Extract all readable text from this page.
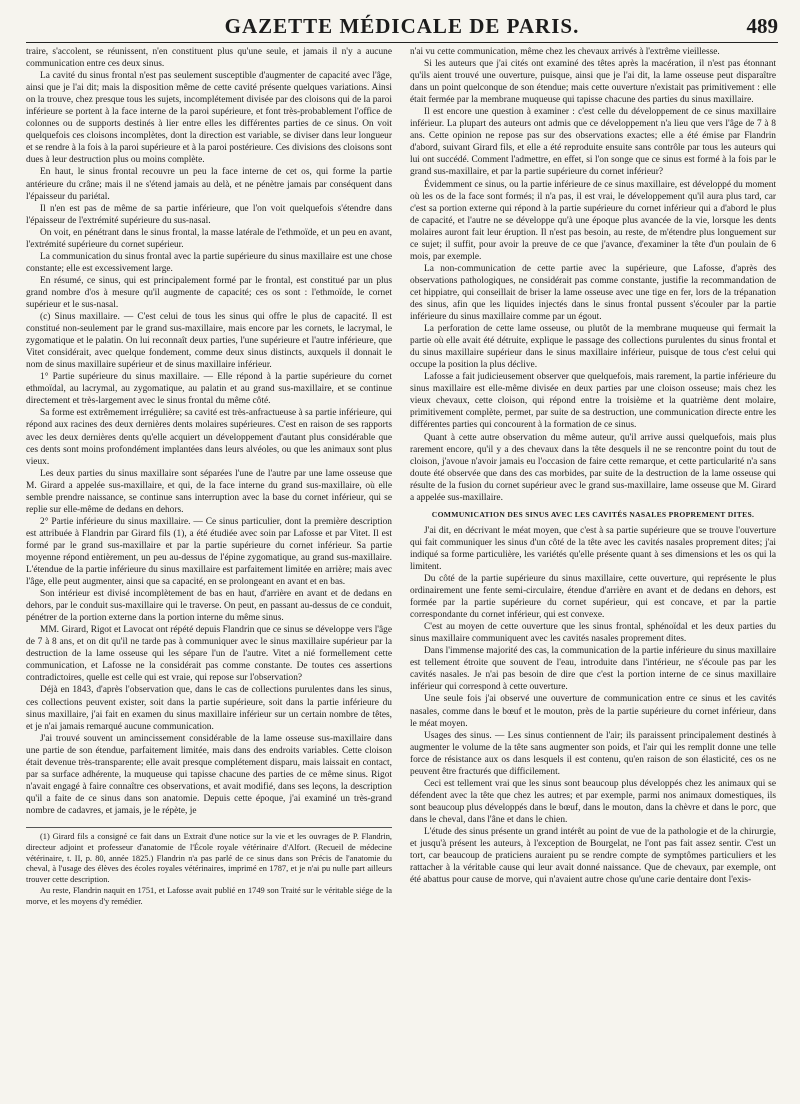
GAZETTE MÉDICALE DE PARIS.	489

traire, s'accolent, se réunissent, n'en constituent plus qu'une seule, et jamais il n'y a aucune communication entre ces deux sinus.

La cavité du sinus frontal n'est pas seulement susceptible d'augmenter de capacité avec l'âge, ainsi que je l'ai dit; mais la disposition même de cette cavité présente quelques variations. Ainsi on la trouve, chez presque tous les sujets, incomplétement divisée par des cloisons qui de la paroi inférieure se portent à la face interne de la paroi supérieure, et font très-probablement l'office de colonnes ou de supports destinés à lier entre elles les différentes parties de ce sinus. On voit quelquefois ces cloisons incomplètes, dont la direction est variable, se diviser dans leur longueur et se rendre à la fois à la paroi supérieure et à la paroi postérieure. Ces divisions des cloisons sont dues à leur destruction plus ou moins complète.

En haut, le sinus frontal recouvre un peu la face interne de cet os, qui forme la partie antérieure du crâne; mais il ne s'étend jamais au delà, et ne pénètre jamais par conséquent dans l'épaisseur du pariétal.

Il n'en est pas de même de sa partie inférieure, que l'on voit quelquefois s'étendre dans l'épaisseur de l'extrémité supérieure du sus-nasal.

On voit, en pénétrant dans le sinus frontal, la masse latérale de l'ethmoïde, et un peu en avant, l'extrémité supérieure du cornet supérieur.

La communication du sinus frontal avec la partie supérieure du sinus maxillaire est une chose constante; elle est excessivement large.

En résumé, ce sinus, qui est principalement formé par le frontal, est constitué par un plus grand nombre d'os à mesure qu'il augmente de capacité; ces os sont : l'ethmoïde, le cornet supérieur et le sus-nasal.

(c) Sinus maxillaire. — C'est celui de tous les sinus qui offre le plus de capacité. Il est constitué non-seulement par le grand sus-maxillaire, mais encore par les cornets, le lacrymal, le zygomatique et le palatin. On lui reconnaît deux parties, l'une supérieure et l'autre inférieure, que Vitet considérait, avec quelque fondement, comme deux sinus distincts, auxquels il donnait le nom de sinus maxillaire supérieur et de sinus maxillaire inférieur.

1° Partie supérieure du sinus maxillaire. — Elle répond à la partie supérieure du cornet ethmoïdal, au lacrymal, au zygomatique, au palatin et au grand sus-maxillaire, et se continue directement et très-largement avec le sinus frontal du même côté.

Sa forme est extrêmement irrégulière; sa cavité est très-anfractueuse à sa partie inférieure, qui répond aux racines des deux dernières dents molaires supérieures. C'est en raison de ses rapports avec les deux dernières dents qu'elle acquiert un développement d'autant plus considérable que ces dents sont moins profondément implantées dans leurs alvéoles, ou que les animaux sont plus vieux.

Les deux parties du sinus maxillaire sont séparées l'une de l'autre par une lame osseuse que M. Girard a appelée sus-maxillaire, et qui, de la face interne du grand sus-maxillaire, où elle semble prendre naissance, se continue sans interruption avec la base du cornet inférieur, qui se replie sur elle-même de dedans en dehors.

2° Partie inférieure du sinus maxillaire. — Ce sinus particulier, dont la première description est attribuée à Flandrin par Girard fils (1), a été étudiée avec soin par Lafosse et par Vitet. Il est formé par le grand sus-maxillaire et par la partie supérieure du cornet inférieur. Sa partie moyenne répond entièrement, un peu au-dessus de l'épine zygomatique, au grand sus-maxillaire. L'étendue de la partie inférieure du sinus maxillaire est parfaitement limitée en arrière; mais avec l'âge, elle peut augmenter, ainsi que sa capacité, en se prolongeant en avant et en bas.

Son intérieur est divisé incomplètement de bas en haut, d'arrière en avant et de dedans en dehors, par le conduit sus-maxillaire qui le traverse. On peut, en passant au-dessus de ce conduit, pénétrer de la portion externe dans la portion interne du même sinus.

MM. Girard, Rigot et Lavocat ont répété depuis Flandrin que ce sinus se développe vers l'âge de 7 à 8 ans, et on dit qu'il ne tarde pas à communiquer avec le sinus maxillaire supérieur par la destruction de la lame osseuse qui les sépare l'un de l'autre. Vitet a nié formellement cette communication, et Lafosse ne la considérait pas comme constante. De toutes ces assertions contradictoires, quelle est celle qui est vraie, qui repose sur l'observation?

Déjà en 1843, d'après l'observation que, dans le cas de collections purulentes dans les sinus, ces collections peuvent exister, soit dans la partie supérieure, soit dans la partie inférieure du sinus maxillaire, j'ai fait en examen du sinus maxillaire inférieur sur un certain nombre de têtes, et je n'ai jamais remarqué aucune communication.

J'ai trouvé souvent un amincissement considérable de la lame osseuse sus-maxillaire dans une partie de son étendue, parfaitement limitée, mais dans des endroits variables. Cette cloison était devenue très-transparente; elle avait presque complétement disparu, mais laissait en contact, par sa surface adhérente, la muqueuse qui tapisse chacune des parties de ce même sinus. Rigot n'avait engagé à faire connaître ces observations, et avait modifié, dans ses leçons, la description qu'il a faite de ce sinus dans son anatomie. Depuis cette époque, j'ai examiné un très-grand nombre de cadavres, et jamais, je le répète, je

(1) Girard fils a consigné ce fait dans un Extrait d'une notice sur la vie et les ouvrages de P. Flandrin, directeur adjoint et professeur d'anatomie de l'École royale vétérinaire d'Alfort. (Recueil de médecine vétérinaire, t. II, p. 80, année 1825.) Flandrin n'a pas parlé de ce sinus dans son Précis de l'anatomie du cheval, à l'usage des élèves des écoles royales vétérinaires, imprimé en 1787, et je n'ai pu nulle part ailleurs trouver cette description.

Au reste, Flandrin naquit en 1751, et Lafosse avait publié en 1749 son Traité sur le véritable siége de la morve, et les moyens d'y remédier.

n'ai vu cette communication, même chez les chevaux arrivés à l'extrême vieillesse.

Si les auteurs que j'ai cités ont examiné des têtes après la macération, il n'est pas étonnant qu'ils aient trouvé une ouverture, puisque, ainsi que je l'ai dit, la lame osseuse peut disparaître dans un point quelconque de son étendue; mais cette ouverture n'existait pas primitivement : elle était fermée par la membrane muqueuse qui tapisse chacune des parties du sinus maxillaire.

Il est encore une question à examiner : c'est celle du développement de ce sinus maxillaire inférieur. La plupart des auteurs ont admis que ce développement n'a lieu que vers l'âge de 7 à 8 ans. Cette opinion ne repose pas sur des observations exactes; elle a été émise par Flandrin d'abord, suivant Girard fils, et elle a été reproduite ensuite sans contrôle par tous les auteurs qui lui ont succédé. Comment l'admettre, en effet, si l'on songe que ce sinus est formé à la fois par le grand sus-maxillaire, et par la partie supérieure du cornet inférieur?

Évidemment ce sinus, ou la partie inférieure de ce sinus maxillaire, est développé du moment où les os de la face sont formés; il n'a pas, il est vrai, le développement qu'il aura plus tard, car c'est sa portion externe qui répond à la partie supérieure du cornet inférieur qui a d'abord le plus de capacité, et l'autre ne se développe qu'à une époque plus avancée de la vie, lorsque les dents molaires auront fait leur éruption. Il n'est pas besoin, au reste, de m'étendre plus longuement sur ce sujet; il suffit, pour avoir la preuve de ce que j'avance, d'examiner la tête d'un poulain de 6 mois, par exemple.

La non-communication de cette partie avec la supérieure, que Lafosse, d'après des observations pathologiques, ne considérait pas comme constante, justifie la recommandation de cet hippiatre, qui conseillait de briser la lame osseuse avec une tige en fer, lors de la trépanation des sinus, afin que les liquides injectés dans le sinus frontal pussent s'écouler par la partie inférieure du sinus maxillaire comme par un égout.

La perforation de cette lame osseuse, ou plutôt de la membrane muqueuse qui fermait la partie où elle avait été détruite, explique le passage des collections purulentes du sinus frontal et du sinus maxillaire supérieur dans le sinus maxillaire inférieur, puisque de tous c'est celui qui occupe la position la plus déclive.

Lafosse a fait judicieusement observer que quelquefois, mais rarement, la partie inférieure du sinus maxillaire est elle-même divisée en deux parties par une cloison osseuse; mais chez les vieux chevaux, cette cloison, qui répond entre la troisième et la quatrième dent molaire, primitivement complète, permet, par suite de sa destruction, une communication directe entre les différentes parties qui concourent à la formation de ce sinus.

Quant à cette autre observation du même auteur, qu'il arrive aussi quelquefois, mais plus rarement encore, qu'il y a des chevaux dans la tête desquels il ne se rencontre point du tout de cloison, j'avoue n'avoir jamais eu l'occasion de faire cette remarque, et cette particularité n'a sans doute été observée que dans des cas morbides, par suite de la destruction de la lame osseuse qui résulte de la fusion du cornet supérieur avec le grand sus-maxillaire, lame osseuse que M. Girard a appelée sus-maxillaire.

COMMUNICATION DES SINUS AVEC LES CAVITÉS NASALES PROPREMENT DITES.

J'ai dit, en décrivant le méat moyen, que c'est à sa partie supérieure que se trouve l'ouverture qui fait communiquer les sinus d'un côté de la tête avec les cavités nasales proprement dites; j'ai indiqué sa forme particulière, les variétés qu'elle présente quant à ses dimensions et les os qui la limitent.

Du côté de la partie supérieure du sinus maxillaire, cette ouverture, qui représente le plus ordinairement une fente semi-circulaire, étendue d'arrière en avant et de dedans en dehors, est formée par la partie supérieure du cornet supérieur, qui est concave, et par la partie correspondante du cornet inférieur, qui est convexe.

C'est au moyen de cette ouverture que les sinus frontal, sphénoïdal et les deux parties du sinus maxillaire communiquent avec les cavités nasales proprement dites.

Dans l'immense majorité des cas, la communication de la partie inférieure du sinus maxillaire est tellement étroite que souvent de l'eau, introduite dans l'intérieur, ne s'écoule pas par les cavités nasales. Je n'ai pas besoin de dire que c'est la portion interne de ce sinus maxillaire inférieur qui correspond à cette ouverture.

Une seule fois j'ai observé une ouverture de communication entre ce sinus et les cavités nasales, comme dans le bœuf et le mouton, près de la partie supérieure du cornet inférieur, dans le méat moyen.

Usages des sinus. — Les sinus contiennent de l'air; ils paraissent principalement destinés à augmenter le volume de la tête sans augmenter son poids, et l'air qui les remplit donne une telle force de résistance aux os dans lesquels il est contenu, qu'en raison de son élasticité, ces os ne peuvent être fracturés que difficilement.

Ceci est tellement vrai que les sinus sont beaucoup plus développés chez les animaux qui se défendent avec la tête que chez les autres; et par exemple, parmi nos animaux domestiques, ils sont beaucoup plus développés dans le bœuf, dans le mouton, dans la chèvre et dans le porc, que dans le cheval, dans l'âne et dans le chien.

L'étude des sinus présente un grand intérêt au point de vue de la pathologie et de la chirurgie, et jusqu'à présent les auteurs, à l'exception de Bourgelat, ne l'ont pas fait assez sentir. C'est un tort, car beaucoup de praticiens auraient pu se rendre compte de symptômes particuliers et les rattacher à la véritable cause qui leur avait donné naissance. Que de chevaux, par exemple, ont été abattus pour cause de morve, qui n'avaient autre chose qu'une carie dentaire dont l'exis-
